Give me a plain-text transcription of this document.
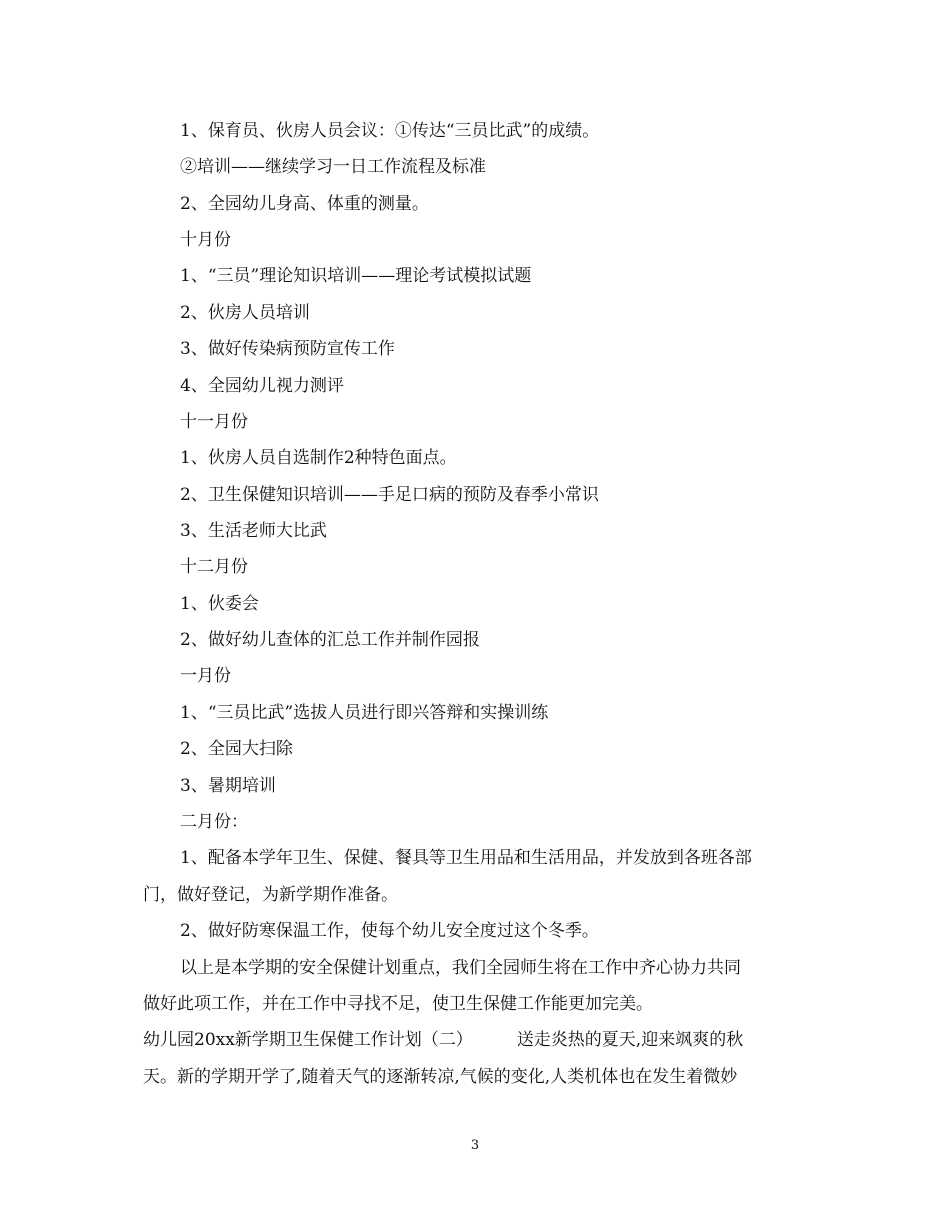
1、保育员、伙房人员会议：①传达“三员比武”的成绩。
②培训——继续学习一日工作流程及标准
2、全园幼儿身高、体重的测量。
十月份
1、“三员”理论知识培训——理论考试模拟试题
2、伙房人员培训
3、做好传染病预防宣传工作
4、全园幼儿视力测评
十一月份
1、伙房人员自选制作2种特色面点。
2、卫生保健知识培训——手足口病的预防及春季小常识
3、生活老师大比武
十二月份
1、伙委会
2、做好幼儿查体的汇总工作并制作园报
一月份
1、“三员比武”选拔人员进行即兴答辩和实操训练
2、全园大扫除
3、暑期培训
二月份：
1、配备本学年卫生、保健、餐具等卫生用品和生活用品，并发放到各班各部
门，做好登记，为新学期作准备。
2、做好防寒保温工作，使每个幼儿安全度过这个冬季。
以上是本学期的安全保健计划重点，我们全园师生将在工作中齐心协力共同
做好此项工作，并在工作中寻找不足，使卫生保健工作能更加完美。
幼儿园20xx新学期卫生保健工作计划（二）	送走炎热的夏天,迎来飒爽的秋
天。新的学期开学了,随着天气的逐渐转凉,气候的变化,人类机体也在发生着微妙
3
